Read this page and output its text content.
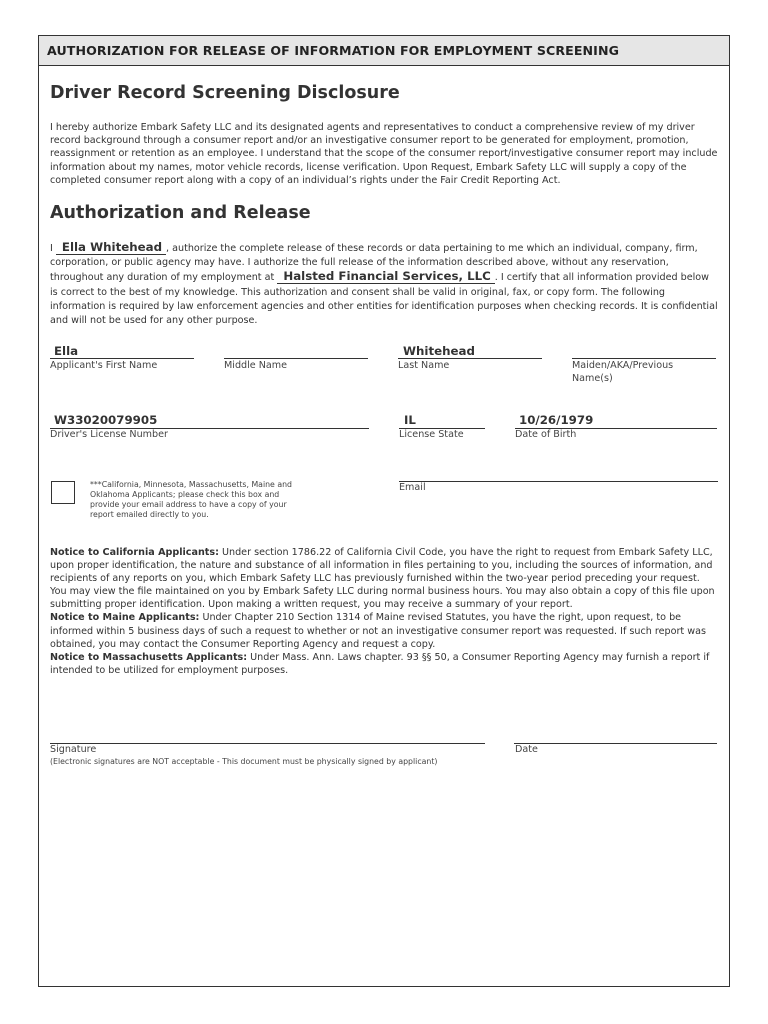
AUTHORIZATION FOR RELEASE OF INFORMATION FOR EMPLOYMENT SCREENING
Driver Record Screening Disclosure

I hereby authorize Embark Safety LLC and its designated agents and representatives to conduct a comprehensive review of my driver record background through a consumer report and/or an investigative consumer report to be generated for employment, promotion, reassignment or retention as an employee. I understand that the scope of the consumer report/investigative consumer report may include information about my names, motor vehicle records, license verification. Upon Request, Embark Safety LLC will supply a copy of the completed consumer report along with a copy of an individual’s rights under the Fair Credit Reporting Act.

Authorization and Release

I Ella Whitehead , authorize the complete release of these records or data pertaining to me which an individual, company, firm, corporation, or public agency may have. I authorize the full release of the information described above, without any reservation, throughout any duration of my employment at Halsted Financial Services, LLC . I certify that all information provided below is correct to the best of my knowledge. This authorization and consent shall be valid in original, fax, or copy form. The following information is required by law enforcement agencies and other entities for identification purposes when checking records. It is confidential and will not be used for any other purpose.

Ella
Applicant's First Name	Middle Name
Whitehead
Last Name	Maiden/AKA/Previous Name(s)
W33020079905
Driver's License Number
IL
License State
10/26/1979
Date of Birth
***California, Minnesota, Massachusetts, Maine and Oklahoma Applicants; please check this box and provide your email address to have a copy of your report emailed directly to you.
Email

Notice to California Applicants: Under section 1786.22 of California Civil Code, you have the right to request from Embark Safety LLC, upon proper identification, the nature and substance of all information in files pertaining to you, including the sources of information, and recipients of any reports on you, which Embark Safety LLC has previously furnished within the two-year period preceding your request. You may view the file maintained on you by Embark Safety LLC during normal business hours. You may also obtain a copy of this file upon submitting proper identification. Upon making a written request, you may receive a summary of your report.

Notice to Maine Applicants: Under Chapter 210 Section 1314 of Maine revised Statutes, you have the right, upon request, to be informed within 5 business days of such a request to whether or not an investigative consumer report was requested. If such report was obtained, you may contact the Consumer Reporting Agency and request a copy.

Notice to Massachusetts Applicants: Under Mass. Ann. Laws chapter. 93 §§ 50, a Consumer Reporting Agency may furnish a report if intended to be utilized for employment purposes.

Signature
(Electronic signatures are NOT acceptable - This document must be physically signed by applicant)
Date
